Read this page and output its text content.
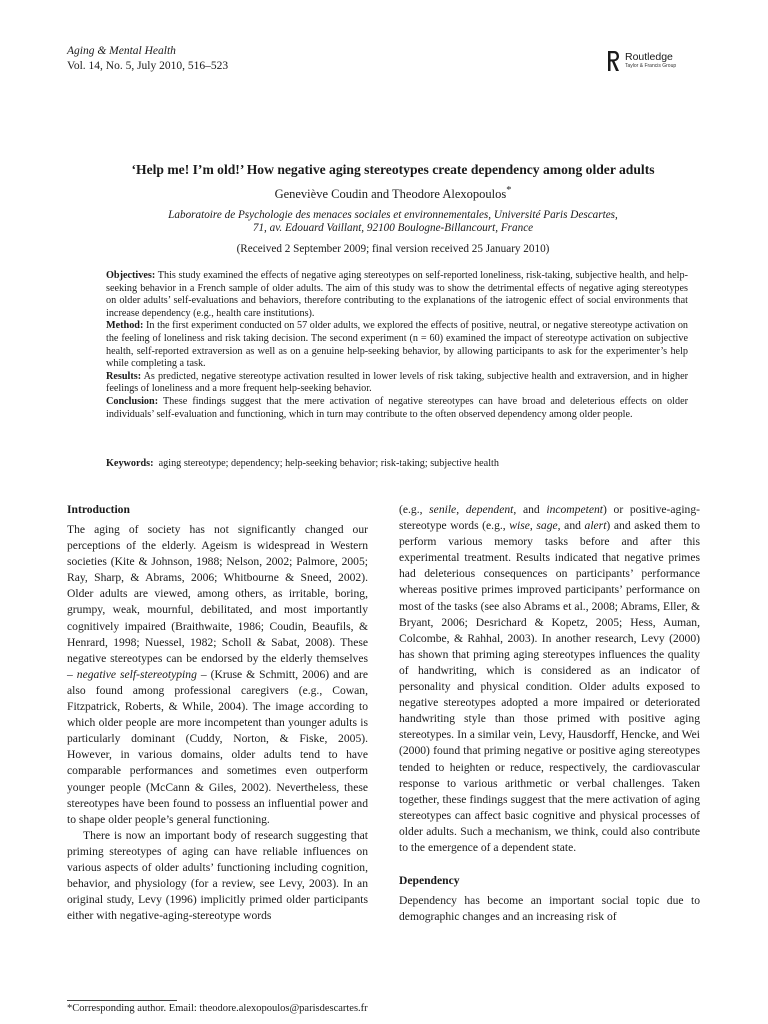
Aging & Mental Health
Vol. 14, No. 5, July 2010, 516–523
Routledge
Taylor & Francis Group
‘Help me! I’m old!’ How negative aging stereotypes create dependency among older adults
Geneviève Coudin and Theodore Alexopoulos*
Laboratoire de Psychologie des menaces sociales et environnementales, Université Paris Descartes,
71, av. Edouard Vaillant, 92100 Boulogne-Billancourt, France
(Received 2 September 2009; final version received 25 January 2010)

Objectives: This study examined the effects of negative aging stereotypes on self-reported loneliness, risk-taking, subjective health, and help-seeking behavior in a French sample of older adults. The aim of this study was to show the detrimental effects of negative aging stereotypes on older adults’ self-evaluations and behaviors, therefore contributing to the explanations of the iatrogenic effect of social environments that increase dependency (e.g., health care institutions).

Method: In the first experiment conducted on 57 older adults, we explored the effects of positive, neutral, or negative stereotype activation on the feeling of loneliness and risk taking decision. The second experiment (n = 60) examined the impact of stereotype activation on subjective health, self-reported extraversion as well as on a genuine help-seeking behavior, by allowing participants to ask for the experimenter’s help while completing a task.

Results: As predicted, negative stereotype activation resulted in lower levels of risk taking, subjective health and extraversion, and in higher feelings of loneliness and a more frequent help-seeking behavior.

Conclusion: These findings suggest that the mere activation of negative stereotypes can have broad and deleterious effects on older individuals’ self-evaluation and functioning, which in turn may contribute to the often observed dependency among older people.

Keywords: aging stereotype; dependency; help-seeking behavior; risk-taking; subjective health
Introduction

The aging of society has not significantly changed our perceptions of the elderly. Ageism is widespread in Western societies (Kite & Johnson, 1988; Nelson, 2002; Palmore, 2005; Ray, Sharp, & Abrams, 2006; Whitbourne & Sneed, 2002). Older adults are viewed, among others, as irritable, boring, grumpy, weak, mournful, debilitated, and most importantly cognitively impaired (Braithwaite, 1986; Coudin, Beaufils, & Henrard, 1998; Nuessel, 1982; Scholl & Sabat, 2008). These negative stereotypes can be endorsed by the elderly themselves – negative self-stereotyping – (Kruse & Schmitt, 2006) and are also found among professional caregivers (e.g., Cowan, Fitzpatrick, Roberts, & While, 2004). The image according to which older people are more incompetent than younger adults is particularly dominant (Cuddy, Norton, & Fiske, 2005). However, in various domains, older adults tend to have comparable performances and sometimes even outperform younger people (McCann & Giles, 2002). Nevertheless, these stereotypes have been found to possess an influential power and to shape older people’s general functioning.

There is now an important body of research suggesting that priming stereotypes of aging can have reliable influences on various aspects of older adults’ functioning including cognition, behavior, and physiology (for a review, see Levy, 2003). In an original study, Levy (1996) implicitly primed older participants either with negative-aging-stereotype words

(e.g., senile, dependent, and incompetent) or positive-aging-stereotype words (e.g., wise, sage, and alert) and asked them to perform various memory tasks before and after this experimental treatment. Results indicated that negative primes had deleterious consequences on participants’ performance whereas positive primes improved participants’ performance on most of the tasks (see also Abrams et al., 2008; Abrams, Eller, & Bryant, 2006; Desrichard & Kopetz, 2005; Hess, Auman, Colcombe, & Rahhal, 2003). In another research, Levy (2000) has shown that priming aging stereotypes influences the quality of handwriting, which is considered as an indicator of personality and physical condition. Older adults exposed to negative stereotypes adopted a more impaired or deteriorated handwriting style than those primed with positive aging stereotypes. In a similar vein, Levy, Hausdorff, Hencke, and Wei (2000) found that priming negative or positive aging stereotypes tended to heighten or reduce, respectively, the cardiovascular response to various arithmetic or verbal challenges. Taken together, these findings suggest that the mere activation of aging stereotypes can affect basic cognitive and physical processes of older adults. Such a mechanism, we think, could also contribute to the emergence of a dependent state.

Dependency

Dependency has become an important social topic due to demographic changes and an increasing risk of

*Corresponding author. Email: theodore.alexopoulos@parisdescartes.fr
